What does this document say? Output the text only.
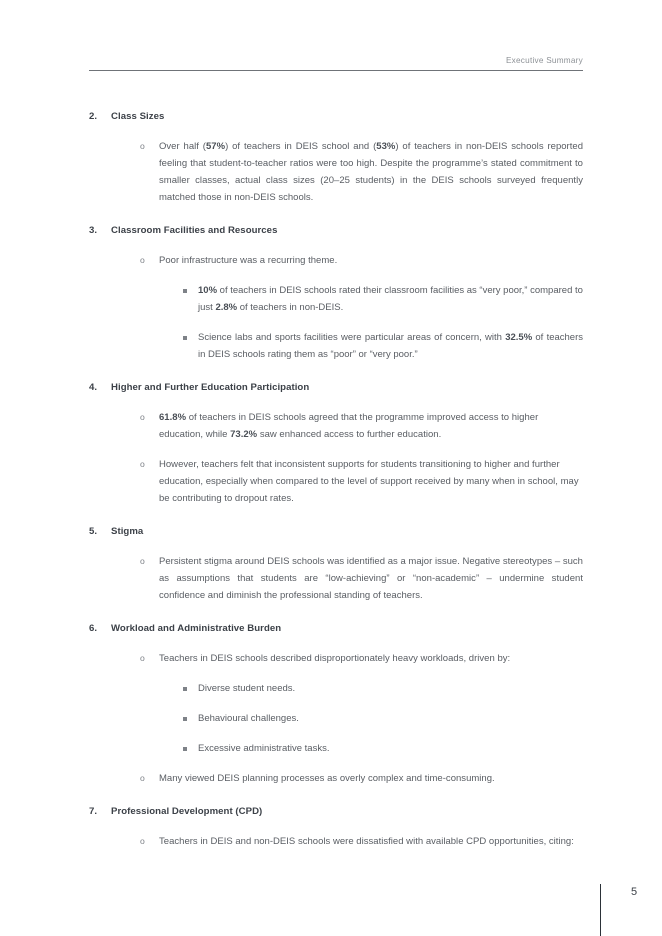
Executive Summary
2.	Class Sizes
o	Over half (57%) of teachers in DEIS school and (53%) of teachers in non-DEIS schools reported feeling that student-to-teacher ratios were too high. Despite the programme’s stated commitment to smaller classes, actual class sizes (20–25 students) in the DEIS schools surveyed frequently matched those in non-DEIS schools.
3.	Classroom Facilities and Resources
o	Poor infrastructure was a recurring theme.
10% of teachers in DEIS schools rated their classroom facilities as “very poor,” compared to just 2.8% of teachers in non-DEIS.
Science labs and sports facilities were particular areas of concern, with 32.5% of teachers in DEIS schools rating them as “poor” or “very poor.”
4.	Higher and Further Education Participation
o	61.8% of teachers in DEIS schools agreed that the programme improved access to higher education, while 73.2% saw enhanced access to further education.
o	However, teachers felt that inconsistent supports for students transitioning to higher and further education, especially when compared to the level of support received by many when in school, may be contributing to dropout rates.
5.	Stigma
o	Persistent stigma around DEIS schools was identified as a major issue. Negative stereotypes – such as assumptions that students are “low-achieving” or “non-academic” – undermine student confidence and diminish the professional standing of teachers.
6.	Workload and Administrative Burden
o	Teachers in DEIS schools described disproportionately heavy workloads, driven by:
Diverse student needs.
Behavioural challenges.
Excessive administrative tasks.
o	Many viewed DEIS planning processes as overly complex and time-consuming.
7.	Professional Development (CPD)
o	Teachers in DEIS and non-DEIS schools were dissatisfied with available CPD opportunities, citing:
5
